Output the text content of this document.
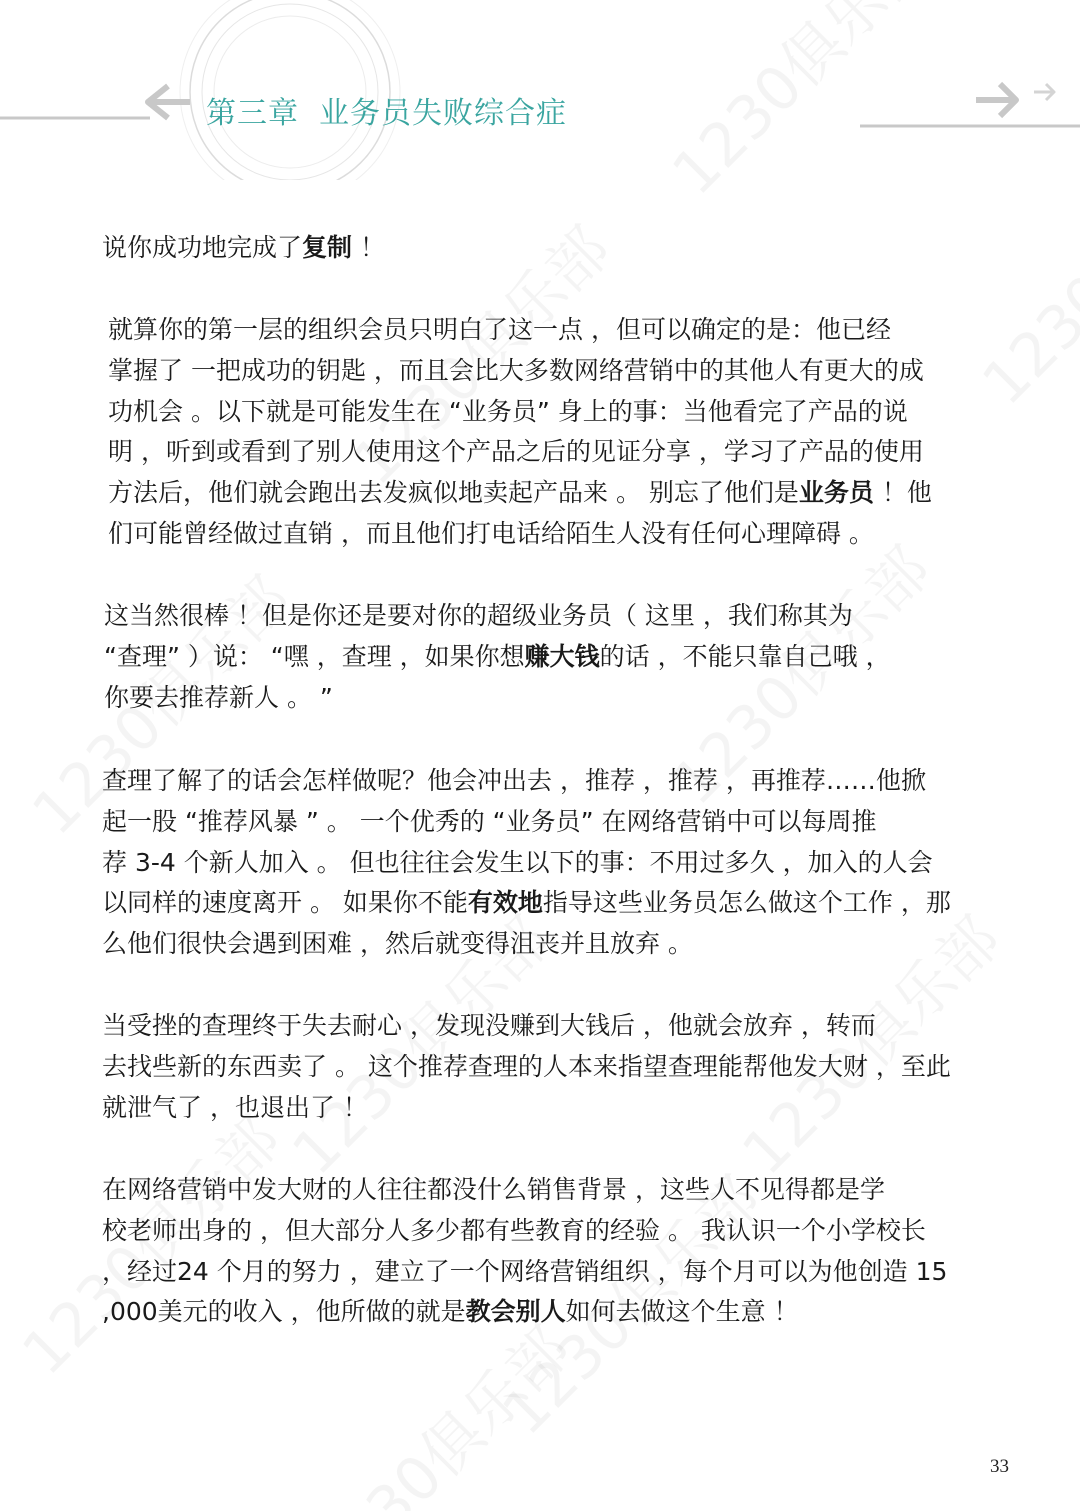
第三章 业务员失败综合症
说你成功地完成了复制 ！
就算你的第一层的组织会员只明白了这一点 ，但可以确定的是：他已经
掌握了 一把成功的钥匙 ，而且会比大多数网络营销中的其他人有更大的成
功机会 。以下就是可能发生在 “业务员” 身上的事：当他看完了产品的说
明 ，听到或看到了别人使用这个产品之后的见证分享 ，学习了产品的使用
方法后，他们就会跑出去发疯似地卖起产品来 。 别忘了他们是业务员 ！他
们可能曾经做过直销 ，而且他们打电话给陌生人没有任何心理障碍 。
这当然很棒 ！但是你还是要对你的超级业务员（ 这里 ，我们称其为
“查理” ）说： “嘿 ，查理 ，如果你想赚大钱的话 ，不能只靠自己哦 ，
你要去推荐新人 。 ”
查理了解了的话会怎样做呢？他会冲出去 ，推荐 ，推荐 ，再推荐……他掀
起一股 “推荐风暴 ” 。 一个优秀的 “业务员” 在网络营销中可以每周推
荐 3-4 个新人加入 。 但也往往会发生以下的事：不用过多久 ，加入的人会
以同样的速度离开 。 如果你不能有效地指导这些业务员怎么做这个工作 ，那
么他们很快会遇到困难 ，然后就变得沮丧并且放弃 。
当受挫的查理终于失去耐心 ，发现没赚到大钱后 ，他就会放弃 ，转而
去找些新的东西卖了 。 这个推荐查理的人本来指望查理能帮他发大财 ，至此
就泄气了 ，也退出了 ！
在网络营销中发大财的人往往都没什么销售背景 ，这些人不见得都是学
校老师出身的 ，但大部分人多少都有些教育的经验 。 我认识一个小学校长
，经过24 个月的努力 ，建立了一个网络营销组织 ，每个月可以为他创造 15
,000美元的收入 ，他所做的就是教会别人如何去做这个生意 ！
33
